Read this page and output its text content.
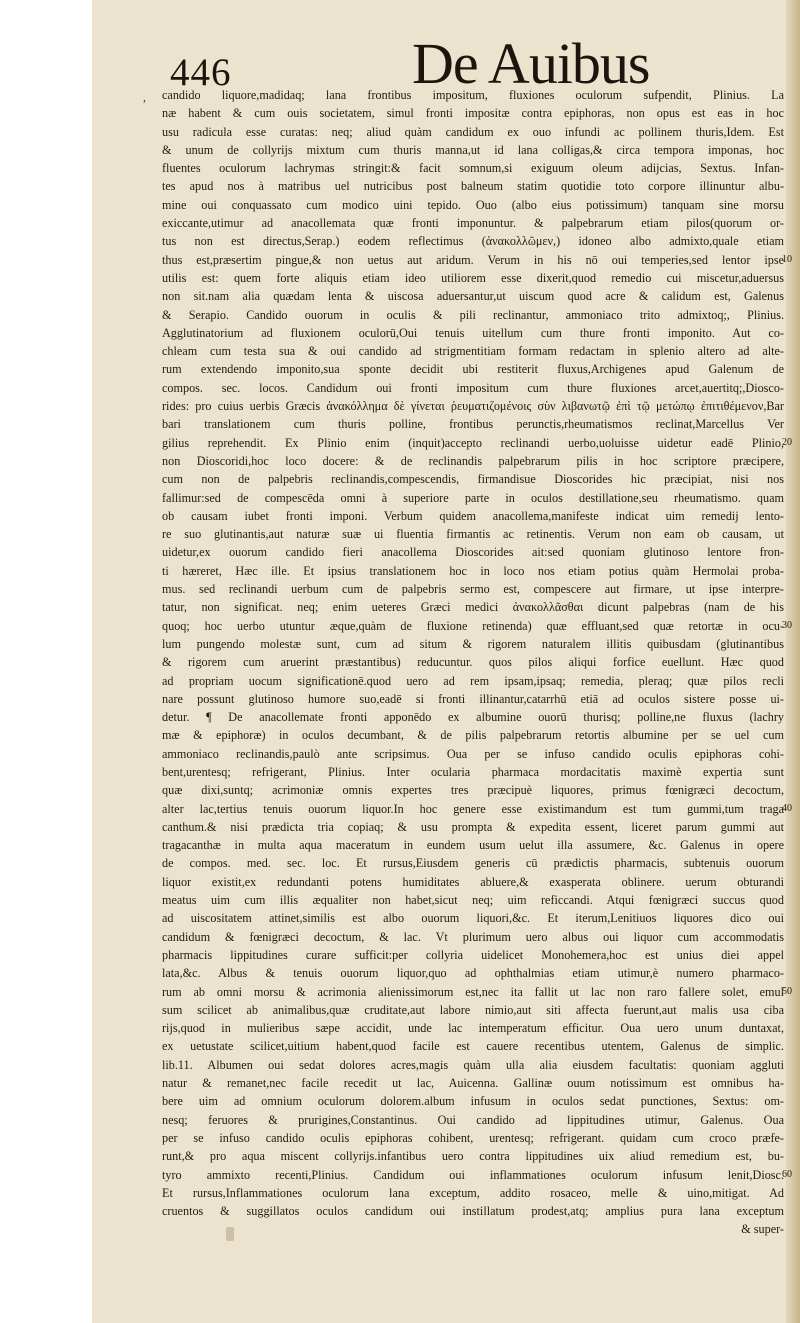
446	De Auibus
, candido liquore,madidaq; lana frontibus impositum, fluxiones oculorum sufpendit, Plinius. La
næ habent & cum ouis societatem, simul fronti impositæ contra epiphoras, non opus est eas in hoc
usu radicula esse curatas: neq; aliud quàm candidum ex ouo infundi ac pollinem thuris,Idem. Est
& unum de collyrijs mixtum cum thuris manna,ut id lana colligas,& circa tempora imponas, hoc
fluentes oculorum lachrymas stringit:& facit somnum,si exiguum oleum adijcias, Sextus. Infan-
tes apud nos à matribus uel nutricibus post balneum statim quotidie toto corpore illinuntur albu-
mine oui conquassato cum modico uini tepido. Ouo (albo eius potissimum) tanquam sine morsu
exiccante,utimur ad anacollemata quæ fronti imponuntur. & palpebrarum etiam pilos(quorum or-
tus non est directus,Serap.) eodem reflectimus (ἀνακολλῶμεν,) idoneo albo admixto,quale etiam
thus est,præsertim pingue,& non uetus aut aridum. Verum in his nō oui temperies,sed lentor ipse
utilis est: quem forte aliquis etiam ideo utiliorem esse dixerit,quod remedio cui miscetur,aduersus
non sit.nam alia quædam lenta & uiscosa aduersantur,ut uiscum quod acre & calidum est, Galenus
& Serapio. Candido ouorum in oculis & pili reclinantur, ammoniaco trito admixtoq;, Plinius.
Agglutinatorium ad fluxionem oculorū,Oui tenuis uitellum cum thure fronti imponito. Aut co-
chleam cum testa sua & oui candido ad strigmentitiam formam redactam in splenio altero ad alte-
rum extendendo imponito,sua sponte decidit ubi restiterit fluxus,Archigenes apud Galenum de
compos. sec. locos. Candidum oui fronti impositum cum thure fluxiones arcet,auertitq;,Diosco-
rides: pro cuius uerbis Græcis ἀνακόλλημα δὲ γίνεται ῥευματιζομένοις σὺν λιβανωτῷ ἐπὶ τῷ μετώπῳ ἐπιτιθέμενον,Bar
bari translationem cum thuris polline, frontibus perunctis,rheumatismos reclinat,Marcellus Ver
gilius reprehendit. Ex Plinio enim (inquit)accepto reclinandi uerbo,uoluisse uidetur eadē Plinio,
non Dioscoridi,hoc loco docere: & de reclinandis palpebrarum pilis in hoc scriptore præcipere,
cum non de palpebris reclinandis,compescendis, firmandisue Dioscorides hic præcipiat, nisi nos
fallimur:sed de compescēda omni à superiore parte in oculos destillatione,seu rheumatismo. quam
ob causam iubet fronti imponi. Verbum quidem anacollema,manifeste indicat uim remedij lento-
re suo glutinantis,aut naturæ suæ ui fluentia firmantis ac retinentis. Verum non eam ob causam, ut
uidetur,ex ouorum candido fieri anacollema Dioscorides ait:sed quoniam glutinoso lentore fron-
ti hæreret, Hæc ille. Et ipsius translationem hoc in loco nos etiam potius quàm Hermolai proba-
mus. sed reclinandi uerbum cum de palpebris sermo est, compescere aut firmare, ut ipse interpre-
tatur, non significat. neq; enim ueteres Græci medici ἀνακολλᾶσθαι dicunt palpebras (nam de his
quoq; hoc uerbo utuntur æque,quàm de fluxione retinenda) quæ effluant,sed quæ retortæ in ocu-
lum pungendo molestæ sunt, cum ad situm & rigorem naturalem illitis quibusdam (glutinantibus
& rigorem cum aruerint præstantibus) reducuntur. quos pilos aliqui forfice euellunt. Hæc quod
ad propriam uocum significationē.quod uero ad rem ipsam,ipsaq; remedia, pleraq; quæ pilos recli
nare possunt glutinoso humore suo,eadē si fronti illinantur,catarrhū etiā ad oculos sistere posse ui-
detur. ¶ De anacollemate fronti apponēdo ex albumine ouorū thurisq; polline,ne fluxus (lachry
mæ & epiphoræ) in oculos decumbant, & de pilis palpebrarum retortis albumine per se uel cum
ammoniaco reclinandis,paulò ante scripsimus. Oua per se infuso candido oculis epiphoras cohi-
bent,urentesq; refrigerant, Plinius. Inter ocularia pharmaca mordacitatis maximè expertia sunt
quæ dixi,suntq; acrimoniæ omnis expertes tres præcipuè liquores, primus fœnigræci decoctum,
alter lac,tertius tenuis ouorum liquor.In hoc genere esse existimandum est tum gummi,tum traga
canthum.& nisi prædicta tria copiaq; & usu prompta & expedita essent, liceret parum gummi aut
tragacanthæ in multa aqua maceratum in eundem usum uelut illa assumere, &c. Galenus in opere
de compos. med. sec. loc. Et rursus,Eiusdem generis cū prædictis pharmacis, subtenuis ouorum
liquor existit,ex redundanti potens humiditates abluere,& exasperata oblinere. uerum obturandi
meatus uim cum illis æqualiter non habet,sicut neq; uim reficcandi. Atqui fœnigræci succus quod
ad uiscositatem attinet,similis est albo ouorum liquori,&c. Et iterum,Lenitiuos liquores dico oui
candidum & fœnigræci decoctum, & lac. Vt plurimum uero albus oui liquor cum accommodatis
pharmacis lippitudines curare sufficit:per collyria uidelicet Monohemera,hoc est unius diei appel
lata,&c. Albus & tenuis ouorum liquor,quo ad ophthalmias etiam utimur,è numero pharmaco-
rum ab omni morsu & acrimonia alienissimorum est,nec ita fallit ut lac non raro fallere solet, emul
sum scilicet ab animalibus,quæ cruditate,aut labore nimio,aut siti affecta fuerunt,aut malis usa ciba
rijs,quod in mulieribus sæpe accidit, unde lac intemperatum efficitur. Oua uero unum duntaxat,
ex uetustate scilicet,uitium habent,quod facile est cauere recentibus utentem, Galenus de simplic.
lib.11. Albumen oui sedat dolores acres,magis quàm ulla alia eiusdem facultatis: quoniam aggluti
natur & remanet,nec facile recedit ut lac, Auicenna. Gallinæ ouum notissimum est omnibus ha-
bere uim ad omnium oculorum dolorem.album infusum in oculos sedat punctiones, Sextus: om-
nesq; feruores & prurigines,Constantinus. Oui candido ad lippitudines utimur, Galenus. Oua
per se infuso candido oculis epiphoras cohibent, urentesq; refrigerant. quidam cum croco præfe-
runt,& pro aqua miscent collyrijs.infantibus uero contra lippitudines uix aliud remedium est, bu-
tyro ammixto recenti,Plinius. Candidum oui inflammationes oculorum infusum lenit,Diosc.
Et rursus,Inflammationes oculorum lana exceptum, addito rosaceo, melle & uino,mitigat. Ad
cruentos & suggillatos oculos candidum oui instillatum prodest,atq; amplius pura lana exceptum
& super-
10
20
30
40
50
60
